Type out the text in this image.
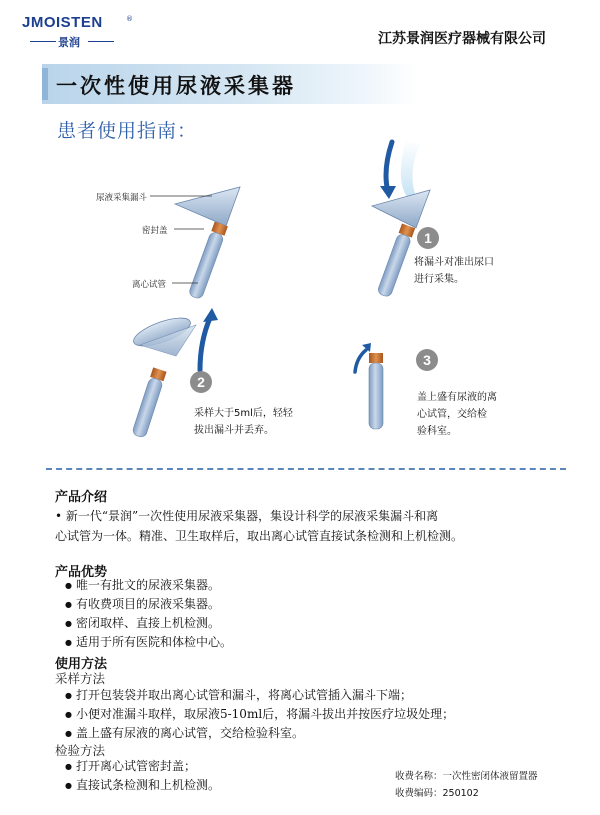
JMOISTEN	®
景润	江苏景润医疗器械有限公司
一次性使用尿液采集器
患者使用指南：
1
2
3
尿液采集漏斗
密封盖
离心试管
将漏斗对准出尿口
进行采集。
采样大于5ml后，轻轻
拔出漏斗并丢弃。
盖上盛有尿液的离
心试管，交给检
验科室。
产品介绍
• 新一代“景润”一次性使用尿液采集器，集设计科学的尿液采集漏斗和离
心试管为一体。精准、卫生取样后，取出离心试管直接试条检测和上机检测。
产品优势
● 唯一有批文的尿液采集器。
● 有收费项目的尿液采集器。
● 密闭取样、直接上机检测。
● 适用于所有医院和体检中心。
使用方法
采样方法
● 打开包装袋并取出离心试管和漏斗，将离心试管插入漏斗下端；
● 小便对准漏斗取样，取尿液5-10ml后，将漏斗拔出并按医疗垃圾处理；
● 盖上盛有尿液的离心试管，交给检验科室。
检验方法
● 打开离心试管密封盖；
● 直接试条检测和上机检测。
收费名称：一次性密闭体液留置器
收费编码：250102
